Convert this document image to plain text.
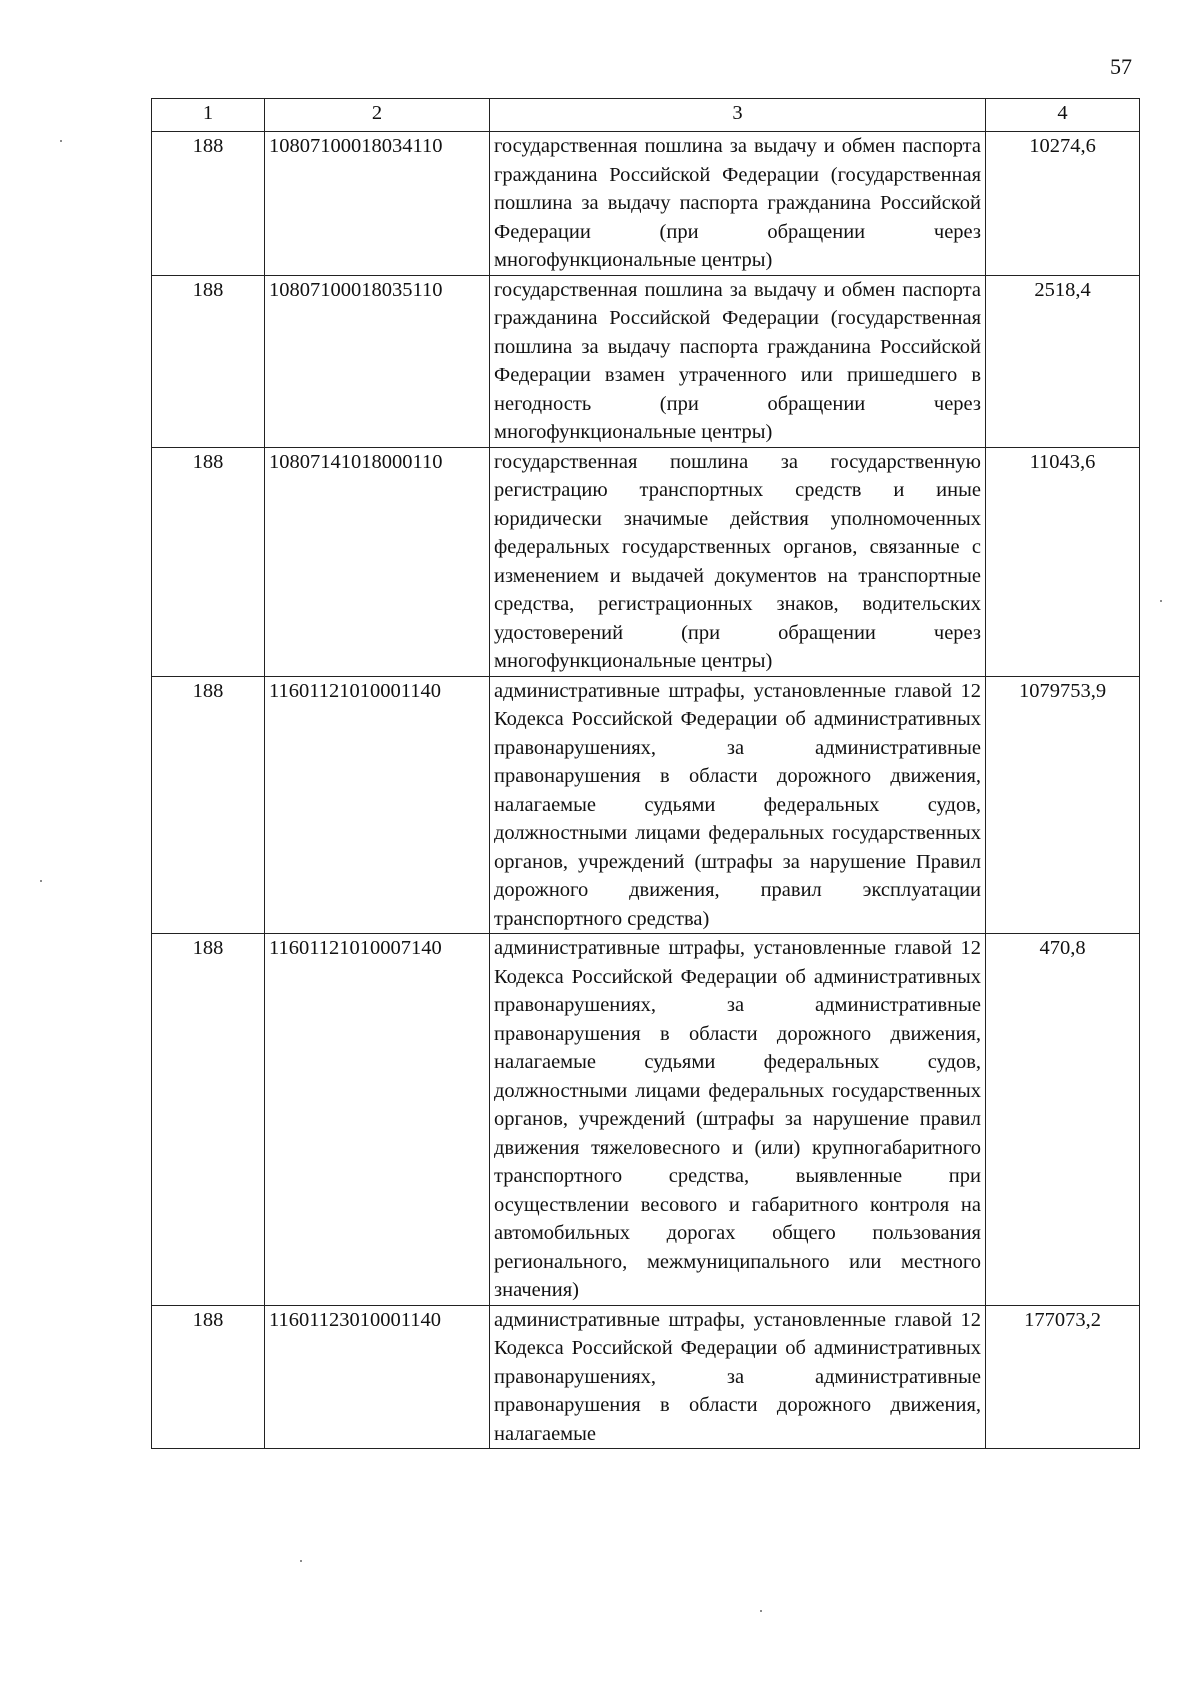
57
1	2	3	4
188	10807100018034110	государственная пошлина за выдачу и обмен паспорта гражданина Российской Федерации (государственная пошлина за выдачу паспорта гражданина Российской Федерации (при обращении через многофункциональные центры)	10274,6
188	10807100018035110	государственная пошлина за выдачу и обмен паспорта гражданина Российской Федерации (государственная пошлина за выдачу паспорта гражданина Российской Федерации взамен утраченного или пришедшего в негодность (при обращении через многофункциональные центры)	2518,4
188	10807141018000110	государственная пошлина за государственную регистрацию транспортных средств и иные юридически значимые действия уполномоченных федеральных государственных органов, связанные с изменением и выдачей документов на транспортные средства, регистрационных знаков, водительских удостоверений (при обращении через многофункциональные центры)	11043,6
188	11601121010001140	административные штрафы, установленные главой 12 Кодекса Российской Федерации об административных правонарушениях, за административные правонарушения в области дорожного движения, налагаемые судьями федеральных судов, должностными лицами федеральных государственных органов, учреждений (штрафы за нарушение Правил дорожного движения, правил эксплуатации транспортного средства)	1079753,9
188	11601121010007140	административные штрафы, установленные главой 12 Кодекса Российской Федерации об административных правонарушениях, за административные правонарушения в области дорожного движения, налагаемые судьями федеральных судов, должностными лицами федеральных государственных органов, учреждений (штрафы за нарушение правил движения тяжеловесного и (или) крупногабаритного транспортного средства, выявленные при осуществлении весового и габаритного контроля на автомобильных дорогах общего пользования регионального, межмуниципального или местного значения)	470,8
188	11601123010001140	административные штрафы, установленные главой 12 Кодекса Российской Федерации об административных правонарушениях, за административные правонарушения в области дорожного движения, налагаемые	177073,2
